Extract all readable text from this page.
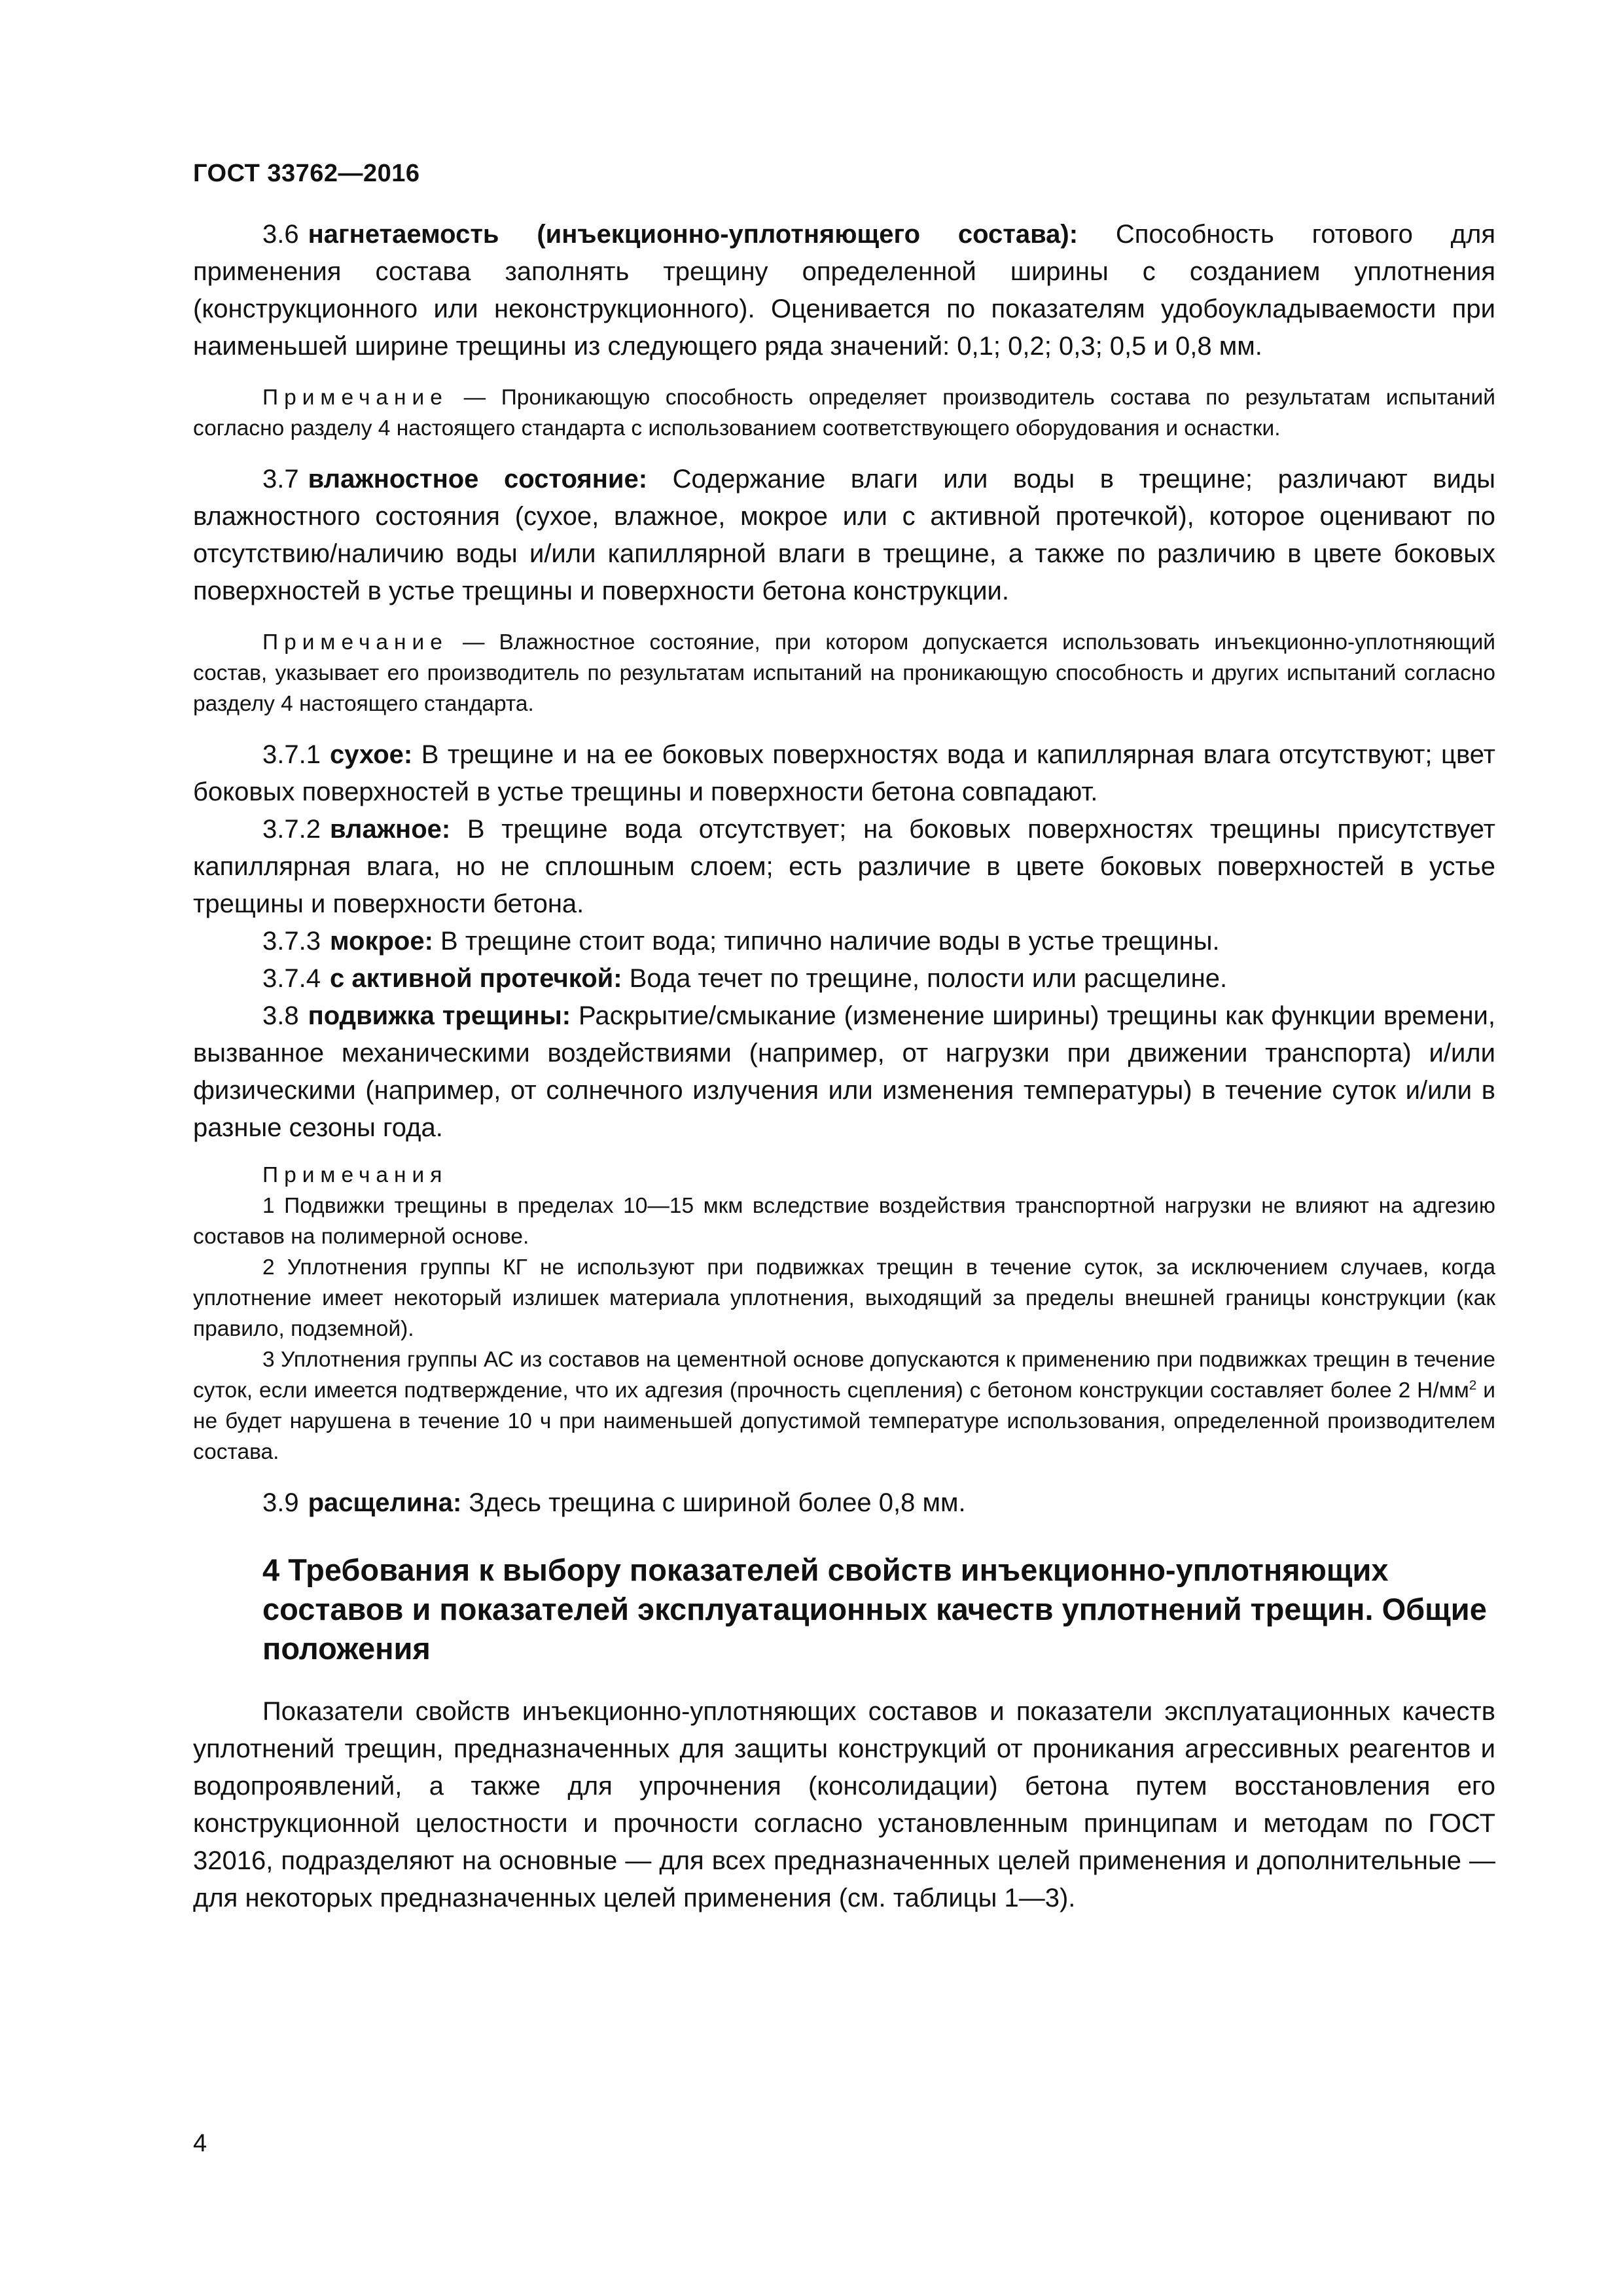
ГОСТ 33762—2016

3.6 нагнетаемость (инъекционно-уплотняющего состава): Способность готового для применения состава заполнять трещину определенной ширины с созданием уплотнения (конструкционного или неконструкционного). Оценивается по показателям удобоукладываемости при наименьшей ширине трещины из следующего ряда значений: 0,1; 0,2; 0,3; 0,5 и 0,8 мм.

Примечание — Проникающую способность определяет производитель состава по результатам испытаний согласно разделу 4 настоящего стандарта с использованием соответствующего оборудования и оснастки.

3.7 влажностное состояние: Содержание влаги или воды в трещине; различают виды влажностного состояния (сухое, влажное, мокрое или с активной протечкой), которое оценивают по отсутствию/наличию воды и/или капиллярной влаги в трещине, а также по различию в цвете боковых поверхностей в устье трещины и поверхности бетона конструкции.

Примечание — Влажностное состояние, при котором допускается использовать инъекционно-уплотняющий состав, указывает его производитель по результатам испытаний на проникающую способность и других испытаний согласно разделу 4 настоящего стандарта.

3.7.1 сухое: В трещине и на ее боковых поверхностях вода и капиллярная влага отсутствуют; цвет боковых поверхностей в устье трещины и поверхности бетона совпадают.

3.7.2 влажное: В трещине вода отсутствует; на боковых поверхностях трещины присутствует капиллярная влага, но не сплошным слоем; есть различие в цвете боковых поверхностей в устье трещины и поверхности бетона.

3.7.3 мокрое: В трещине стоит вода; типично наличие воды в устье трещины.

3.7.4 с активной протечкой: Вода течет по трещине, полости или расщелине.

3.8 подвижка трещины: Раскрытие/смыкание (изменение ширины) трещины как функции времени, вызванное механическими воздействиями (например, от нагрузки при движении транспорта) и/или физическими (например, от солнечного излучения или изменения температуры) в течение суток и/или в разные сезоны года.

Примечания

1 Подвижки трещины в пределах 10—15 мкм вследствие воздействия транспортной нагрузки не влияют на адгезию составов на полимерной основе.

2 Уплотнения группы КГ не используют при подвижках трещин в течение суток, за исключением случаев, когда уплотнение имеет некоторый излишек материала уплотнения, выходящий за пределы внешней границы конструкции (как правило, подземной).

3 Уплотнения группы АС из составов на цементной основе допускаются к применению при подвижках трещин в течение суток, если имеется подтверждение, что их адгезия (прочность сцепления) с бетоном конструкции составляет более 2 $Н/мм^2$ и не будет нарушена в течение 10 ч при наименьшей допустимой температуре использования, определенной производителем состава.

3.9 расщелина: Здесь трещина с шириной более 0,8 мм.

4 Требования к выбору показателей свойств инъекционно-уплотняющих составов и показателей эксплуатационных качеств уплотнений трещин. Общие положения

Показатели свойств инъекционно-уплотняющих составов и показатели эксплуатационных качеств уплотнений трещин, предназначенных для защиты конструкций от проникания агрессивных реагентов и водопроявлений, а также для упрочнения (консолидации) бетона путем восстановления его конструкционной целостности и прочности согласно установленным принципам и методам по ГОСТ 32016, подразделяют на основные — для всех предназначенных целей применения и дополнительные — для некоторых предназначенных целей применения (см. таблицы 1—3).

4
